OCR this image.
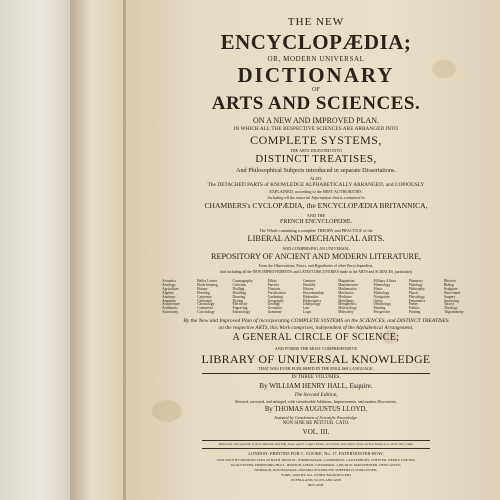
THE NEW
ENCYCLOPÆDIA;
OR, MODERN UNIVERSAL
DICTIONARY
OF
ARTS AND SCIENCES.
ON A NEW AND IMPROVED PLAN.
IN WHICH ALL THE RESPECTIVE SCIENCES ARE ARRANGED INTO
COMPLETE SYSTEMS,
THE ARTS DIGESTED INTO
DISTINCT TREATISES,
And Philosophical Subjects introduced in separate Dissertations.
ALSO,
The DETACHED PARTS of KNOWLEDGE ALPHABETICALLY ARRANGED, and COPIOUSLY
EXPLAINED, according to the BEST AUTHORITIES.
Including all the material Information that is contained in
CHAMBERS's CYCLOPÆDIA, the ENCYCLOPÆDIA BRITANNICA,
AND THE
FRENCH ENCYCLOPEDIE.
The Whole containing a complete THEORY and PRACTICE of the
LIBERAL AND MECHANICAL ARTS.
AND COMPRISING AN UNIVERSAL
REPOSITORY OF ANCIENT AND MODERN LITERATURE,
From the Observations, Errors, and Hypotheses of other Encyclopaedists,
And including all the NEW IMPROVEMENTS and LATEST DISCOVERIES made in the ARTS and SCIENCES, particularly
Acoustics
Aerology
Agriculture
Algebra
Anatomy
Annuities
Architecture
Arithmetic
Astronomy
Belles Lettres
Book-keeping
Botany
Brewing
Carpentry
Chemistry
Chronology
Commerce
Conchology
Cosmography
Criticism
Dialling
Distilling
Drawing
Dyeing
Electricity
Engraving
Entomology
Ethics
Farriery
Fluxions
Fortification
Gardening
Geography
Geology
Geometry
Grammar
Gunnery
Heraldry
History
Horsemanship
Hydraulics
Hydrostatics
Ichthyology
Law
Logic
Magnetism
Manufactures
Mathematics
Mechanics
Medicine
Metallurgy
Metaphysics
Meteorology
Midwifery
Military Affairs
Mineralogy
Music
Mythology
Navigation
Optics
Ornithology
Painting
Perspective
Pharmacy
Philology
Philosophy
Physic
Physiology
Pneumatics
Poetry
Politics
Printing
Rhetoric
Riding
Sculpture
Short-hand
Surgery
Surveying
Tactics
Theology
Trigonometry
By the New and Improved Plan of incorporating COMPLETE SYSTEMS on the SCIENCES, and DISTINCT TREATISES
on the respective ARTS, this Work comprises, independent of the Alphabetical Arrangement,
A GENERAL CIRCLE OF SCIENCE;
AND FORMS THE MOST COMPREHENSIVE
LIBRARY OF UNIVERSAL KNOWLEDGE
THAT WAS EVER PUBLISHED IN THE ENGLISH LANGUAGE.
IN THREE VOLUMES.
By WILLIAM HENRY HALL, Esquire.
The Second Edition,
Revised, corrected, and enlarged, with considerable Additions, Improvements, and modern Discoveries,
By THOMAS AUGUSTUS LLOYD,
Assisted by Gentlemen of Scientific Knowledge.
NON SINE RE PETITUR. CATO.
VOL. III.
Illustrated with upwards of three Hundred and Fifty large superb Copper-Plates, accurately descriptive of the various Subjects to which they relate.
LONDON: PRINTED FOR C. COOKE, No. 17, PATERNOSTER-ROW;
AND SOLD BY BOOKSELLERS AT BATH, BRISTOL, BIRMINGHAM, CAMBRIDGE, CANTERBURY, CHESTER, DERBY, EXETER,
GLOUCESTER, HEREFORD, HULL, IPSWICH, LEEDS, LIVERPOOL, LINCOLN, MANCHESTER, NEWCASTLE,
NORWICH, NOTTINGHAM, OXFORD, PLYMOUTH, SHEFFIELD, WORCESTER,
YORK; AND BY ALL OTHER BOOKSELLERS
IN ENGLAND, SCOTLAND AND
IRELAND.
